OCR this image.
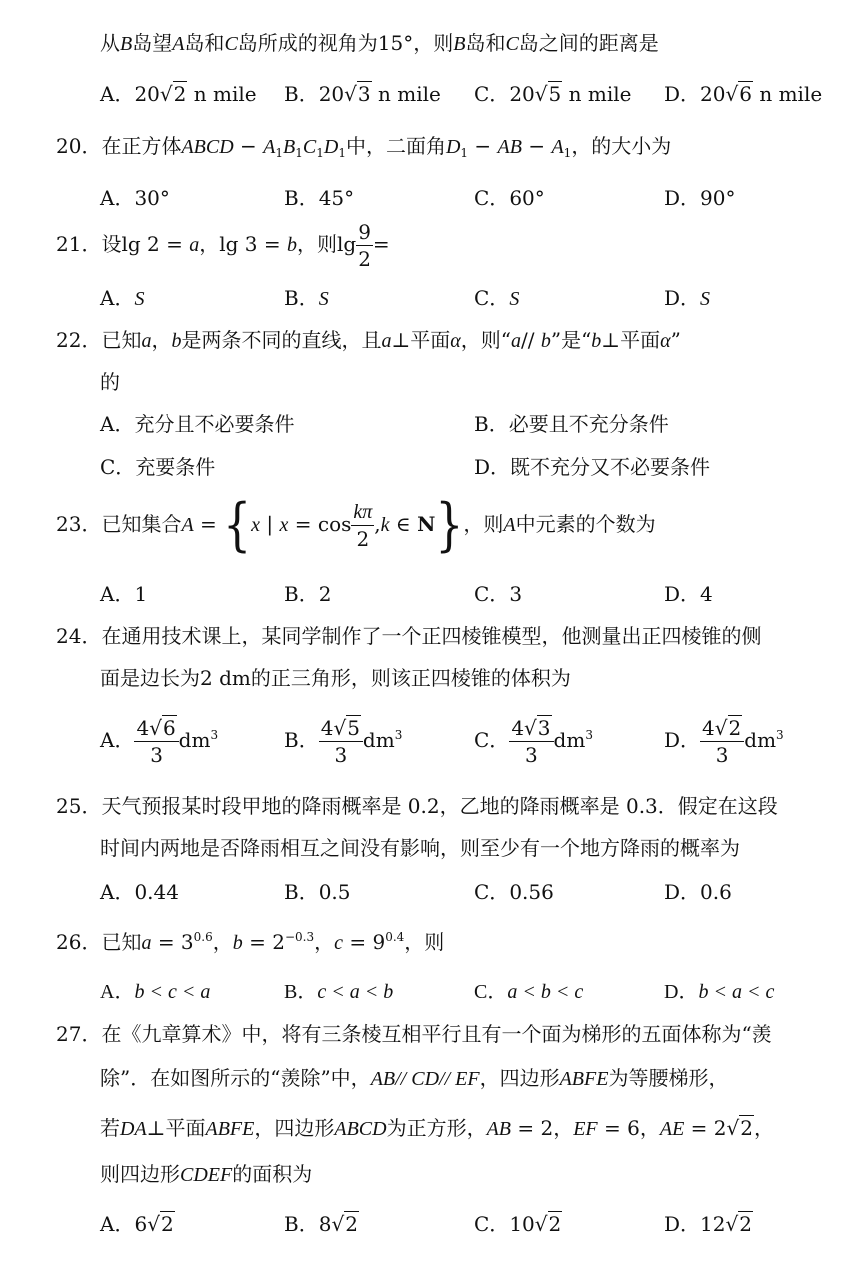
从B岛望A岛和C岛所成的视角为15°，则B岛和C岛之间的距离是
A．20√2 n mile B．20√3 n mile C．20√5 n mile D．20√6 n mile
20．在正方体ABCD − $A_1B_1C_1D_1$中，二面角$D_1$ − AB − $A_1$，的大小为
A．30°	B．45°	C．60°	D．90°
21．设lg 2 = a，lg 3 = b，则$\lg \frac{9}{2}$ =
A．S	B．S	C．S	D．S
22．已知a，b是两条不同的直线，且a⊥平面α，则“a// b”是“b⊥平面α”
的
A．充分且不必要条件	B．必要且不充分条件
C．充要条件	D．既不充分又不必要条件
23．已知集合A = {x | $x = \cos \frac{k\pi}{2} ,k$ ∈ N}，则A中元素的个数为
A．1	B．2	C．3	D．4
24．在通用技术课上，某同学制作了一个正四棱锥模型，他测量出正四棱锥的侧
面是边长为2 dm的正三角形，则该正四棱锥的体积为
A． $\frac{4√6}{3} dm^3$	B． $\frac{4√5}{3} dm^3$	C． $\frac{4√3}{3} dm^3$	D． $\frac{4√2}{3} dm^3$
25．天气预报某时段甲地的降雨概率是 0.2，乙地的降雨概率是 0.3．假定在这段
时间内两地是否降雨相互之间没有影响，则至少有一个地方降雨的概率为
A．0.44	B．0.5	C．0.56	D．0.6
26．已知$a = 3^{0.6}$，$b = 2^{-0.3}$，$c = 9^{0.4}$，则
A．b < c < a	B．c < a < b	C．a < b < c	D．b < a < c
27．在《九章算术》中，将有三条棱互相平行且有一个面为梯形的五面体称为“羡
除”．在如图所示的“羡除”中，AB// CD// EF，四边形ABFE为等腰梯形，
若DA⊥平面ABFE，四边形ABCD为正方形，AB = 2，EF = 6，AE = 2√2，
则四边形CDEF的面积为
A．6√2	B．8√2	C．10√2	D．12√2
